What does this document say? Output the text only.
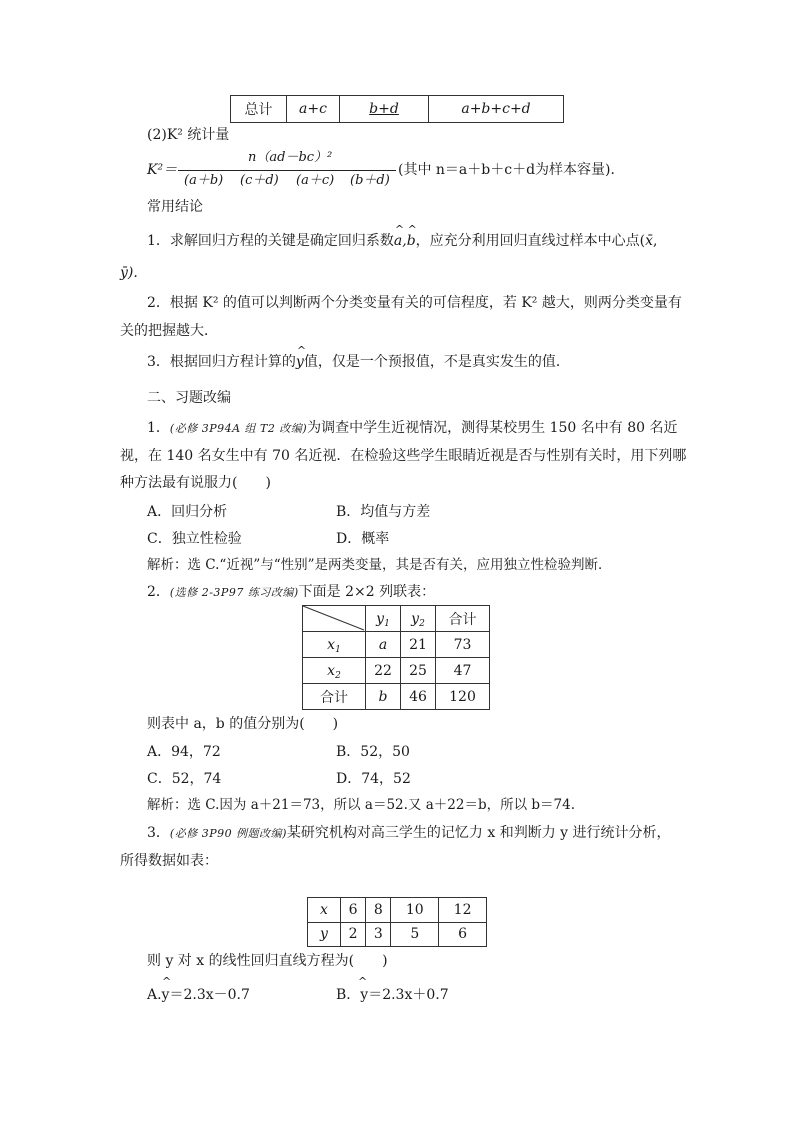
总计	a+c	b+d	a+b+c+d
(2)K² 统计量
K²＝
n（ad－bc）²
(a＋b) (c＋d) (a＋c) (b＋d)
(其中 n＝a＋b＋c＋d为样本容量)．
常用结论
1．求解回归方程的关键是确定回归系数
^ ^
a,b，应充分利用回归直线过样本中心点(x̄,
ȳ).
2．根据 K² 的值可以判断两个分类变量有关的可信程度，若 K² 越大，则两分类变量有
关的把握越大．
3．根据回归方程计算的
^
y值，仅是一个预报值，不是真实发生的值．
二、习题改编
1．(必修 3P94A 组 T2 改编)为调查中学生近视情况，测得某校男生 150 名中有 80 名近
视，在 140 名女生中有 70 名近视．在检验这些学生眼睛近视是否与性别有关时，用下列哪
种方法最有说服力(　　)
A．回归分析	B．均值与方差
C．独立性检验	D．概率
解析：选 C.“近视”与“性别”是两类变量，其是否有关，应用独立性检验判断．
2．(选修 2-3P97 练习改编)下面是 2×2 列联表：
	$y_1$	$y_2$	合计
$x_1$	a	21	73
$x_2$	22	25	47
合计	b	46	120
则表中 a，b 的值分别为(　　)
A．94，72	B．52，50
C．52，74	D．74，52
解析：选 C.因为 a＋21＝73，所以 a＝52.又 a＋22＝b，所以 b＝74.
3．(必修 3P90 例题改编)某研究机构对高三学生的记忆力 x 和判断力 y 进行统计分析，
所得数据如表：
x	6	8	10	12
y	2	3	5	6
则 y 对 x 的线性回归直线方程为(　　)
^
A.y＝2.3x－0.7
^
B．y＝2.3x＋0.7
